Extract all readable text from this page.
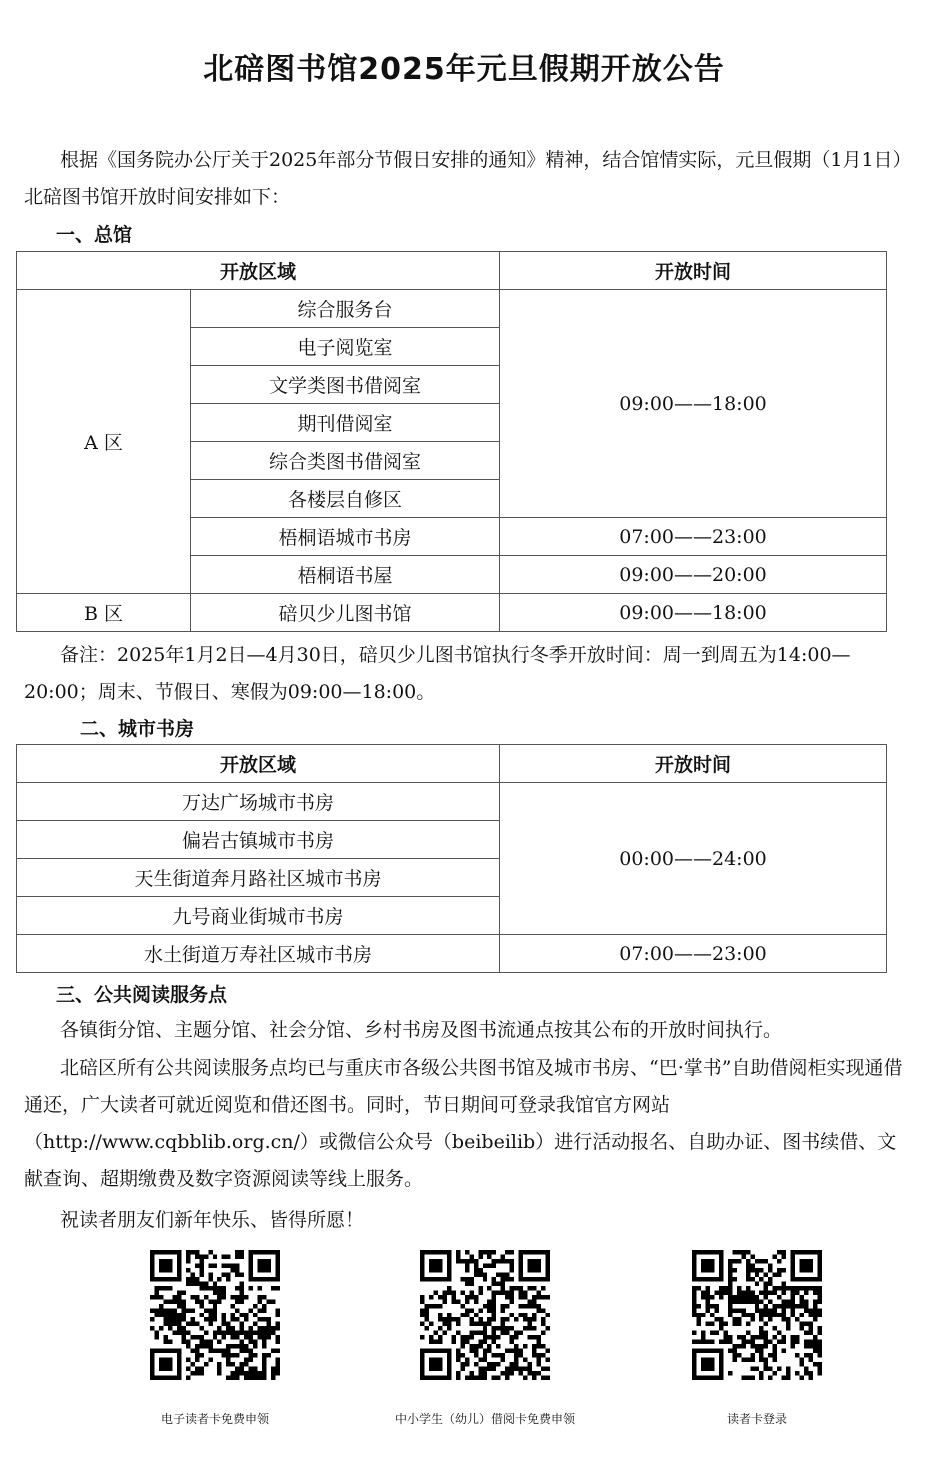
北碚图书馆2025年元旦假期开放公告
根据《国务院办公厅关于2025年部分节假日安排的通知》精神，结合馆情实际，元旦假期（1月1日）北碚图书馆开放时间安排如下：
一、总馆
开放区域		开放时间
A 区	综合服务台	09:00——18:00
	电子阅览室	
	文学类图书借阅室	
	期刊借阅室	
	综合类图书借阅室	
	各楼层自修区	
	梧桐语城市书房	07:00——23:00
	梧桐语书屋	09:00——20:00
B 区	碚贝少儿图书馆	09:00——18:00
备注：2025年1月2日—4月30日，碚贝少儿图书馆执行冬季开放时间：周一到周五为14:00—20:00；周末、节假日、寒假为09:00—18:00。
二、城市书房
开放区域	开放时间
万达广场城市书房	00:00——24:00
偏岩古镇城市书房	
天生街道奔月路社区城市书房	
九号商业街城市书房	
水土街道万寿社区城市书房	07:00——23:00
三、公共阅读服务点
各镇街分馆、主题分馆、社会分馆、乡村书房及图书流通点按其公布的开放时间执行。
北碚区所有公共阅读服务点均已与重庆市各级公共图书馆及城市书房、“巴·掌书”自助借阅柜实现通借通还，广大读者可就近阅览和借还图书。同时，节日期间可登录我馆官方网站（http://www.cqbblib.org.cn/）或微信公众号（beibeilib）进行活动报名、自助办证、图书续借、文献查询、超期缴费及数字资源阅读等线上服务。
祝读者朋友们新年快乐、皆得所愿！
电子读者卡免费申领	中小学生（幼儿）借阅卡免费申领	读者卡登录
